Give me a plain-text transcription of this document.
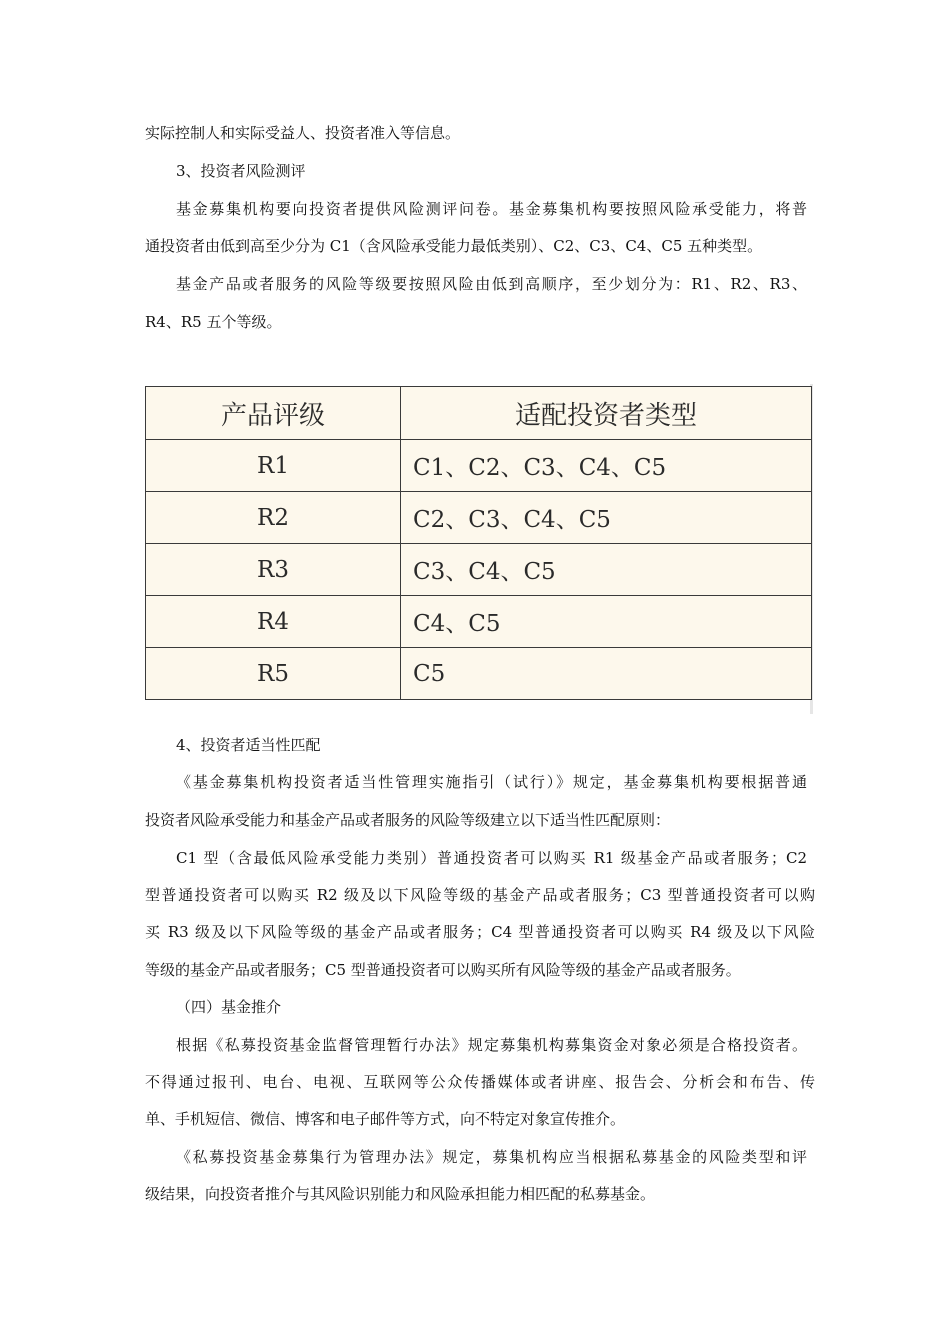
实际控制人和实际受益人、投资者准入等信息。
3、投资者风险测评
基金募集机构要向投资者提供风险测评问卷。基金募集机构要按照风险承受能力，将普
通投资者由低到高至少分为 C1（含风险承受能力最低类别）、C2、C3、C4、C5 五种类型。
基金产品或者服务的风险等级要按照风险由低到高顺序，至少划分为：R1、R2、R3、
R4、R5 五个等级。
产品评级	适配投资者类型
R1	C1、C2、C3、C4、C5
R2	C2、C3、C4、C5
R3	C3、C4、C5
R4	C4、C5
R5	C5
4、投资者适当性匹配
《基金募集机构投资者适当性管理实施指引（试行）》规定，基金募集机构要根据普通
投资者风险承受能力和基金产品或者服务的风险等级建立以下适当性匹配原则：
C1 型（含最低风险承受能力类别）普通投资者可以购买 R1 级基金产品或者服务；C2
型普通投资者可以购买 R2 级及以下风险等级的基金产品或者服务；C3 型普通投资者可以购
买 R3 级及以下风险等级的基金产品或者服务；C4 型普通投资者可以购买 R4 级及以下风险
等级的基金产品或者服务；C5 型普通投资者可以购买所有风险等级的基金产品或者服务。
（四）基金推介
根据《私募投资基金监督管理暂行办法》规定募集机构募集资金对象必须是合格投资者。
不得通过报刊、电台、电视、互联网等公众传播媒体或者讲座、报告会、分析会和布告、传
单、手机短信、微信、博客和电子邮件等方式，向不特定对象宣传推介。
《私募投资基金募集行为管理办法》规定，募集机构应当根据私募基金的风险类型和评
级结果，向投资者推介与其风险识别能力和风险承担能力相匹配的私募基金。
